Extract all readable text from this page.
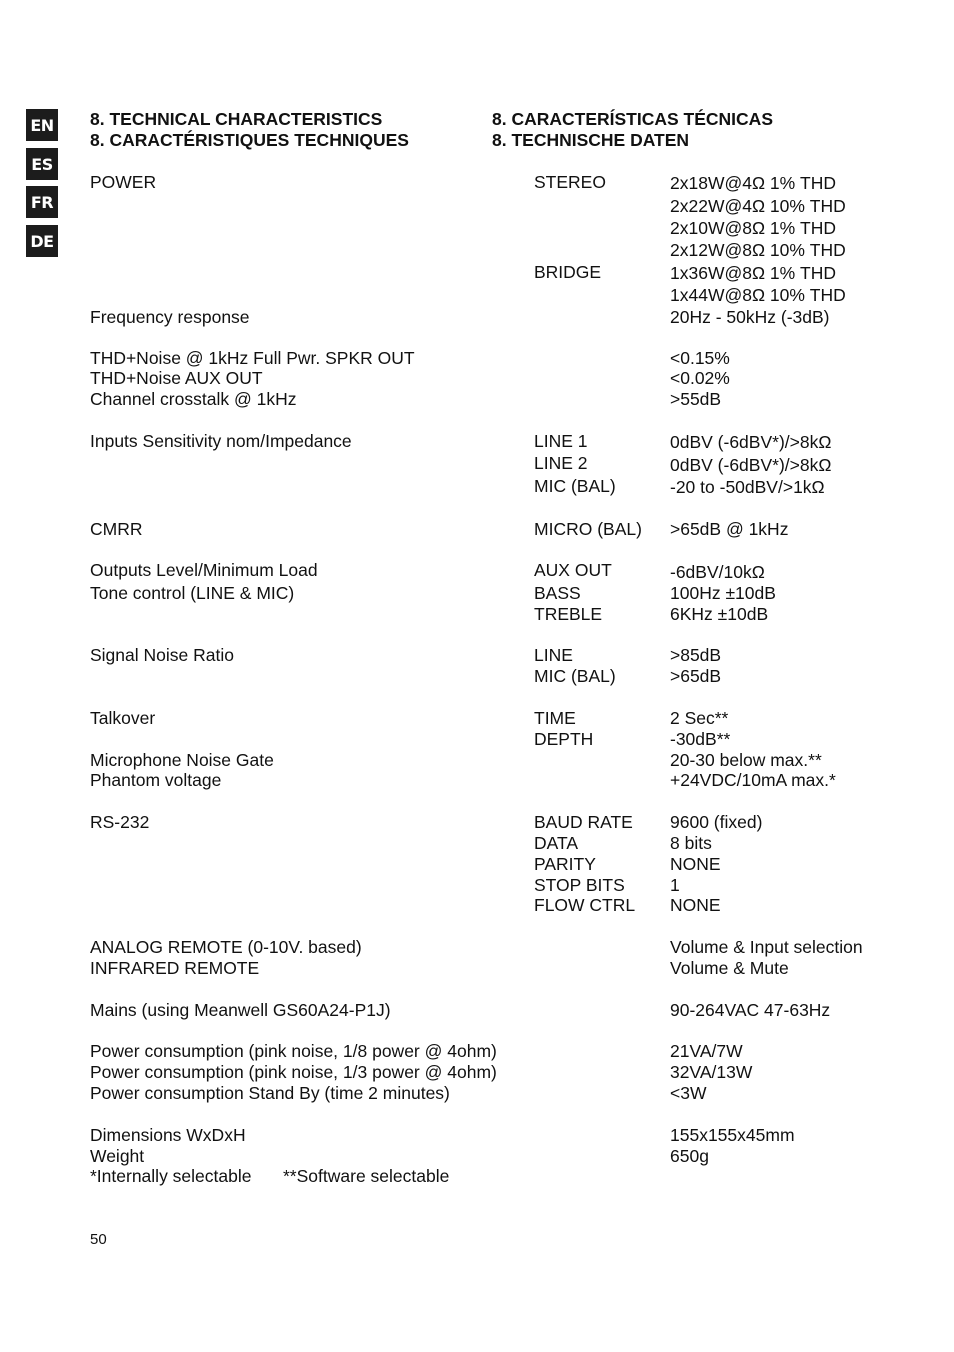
EN
ES
FR
DE
8. TECHNICAL CHARACTERISTICS
8. CARACTÉRISTIQUES TECHNIQUES
8. CARACTERÍSTICAS TÉCNICAS
8. TECHNISCHE DATEN
POWER	STEREO	2x18W@4Ω 1% THD
2x22W@4Ω 10% THD
2x10W@8Ω 1% THD
2x12W@8Ω 10% THD
BRIDGE	1x36W@8Ω 1% THD
1x44W@8Ω 10% THD
Frequency response	20Hz - 50kHz (-3dB)
THD+Noise @ 1kHz Full Pwr. SPKR OUT	<0.15%
THD+Noise AUX OUT	<0.02%
Channel crosstalk @ 1kHz	>55dB
Inputs Sensitivity nom/Impedance	LINE 1	0dBV (-6dBV*)/>8kΩ
LINE 2	0dBV (-6dBV*)/>8kΩ
MIC (BAL)	-20 to -50dBV/>1kΩ
CMRR	MICRO (BAL) >65dB @ 1kHz
Outputs Level/Minimum Load	AUX OUT	-6dBV/10kΩ
Tone control (LINE & MIC)	BASS	100Hz ±10dB
TREBLE	6KHz ±10dB
Signal Noise Ratio	LINE	>85dB
MIC (BAL)	>65dB
Talkover	TIME	2 Sec**
DEPTH	-30dB**
Microphone Noise Gate	20-30 below max.**
Phantom voltage	+24VDC/10mA max.*
RS-232	BAUD RATE 9600 (fixed)
DATA	8 bits
PARITY	NONE
STOP BITS	1
FLOW CTRL NONE
ANALOG REMOTE (0-10V. based)	Volume & Input selection
INFRARED REMOTE	Volume & Mute
Mains (using Meanwell GS60A24-P1J)	90-264VAC 47-63Hz
Power consumption (pink noise, 1/8 power @ 4ohm)	21VA/7W
Power consumption (pink noise, 1/3 power @ 4ohm)	32VA/13W
Power consumption Stand By (time 2 minutes)	<3W
Dimensions WxDxH	155x155x45mm
Weight	650g
*Internally selectable **Software selectable
50
